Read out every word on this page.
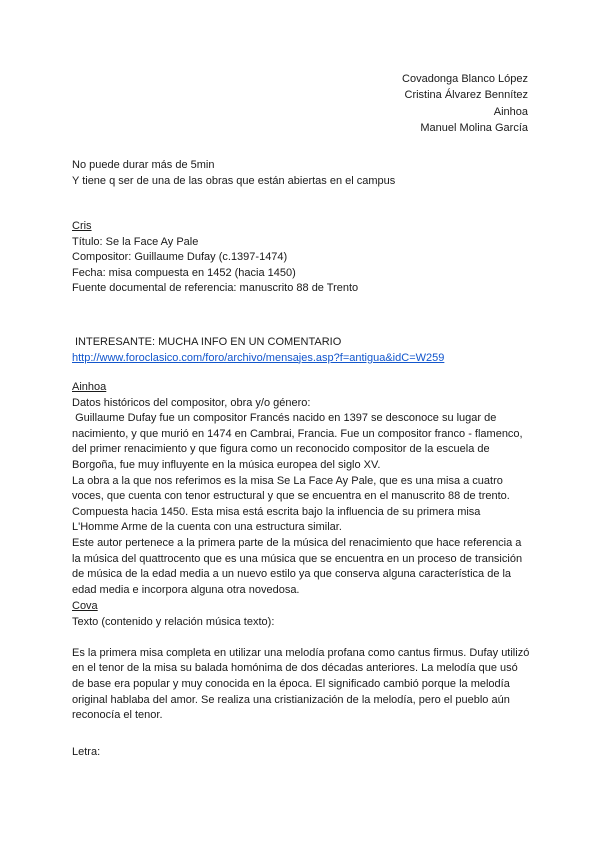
Covadonga Blanco López
Cristina Álvarez Bennítez
Ainhoa
Manuel Molina García
No puede durar más de 5min
Y tiene q ser de una de las obras que están abiertas en el campus
Cris
Título: Se la Face Ay Pale
Compositor: Guillaume Dufay (c.1397-1474)
Fecha: misa compuesta en 1452 (hacia 1450)
Fuente documental de referencia: manuscrito 88 de Trento
INTERESANTE: MUCHA INFO EN UN COMENTARIO
http://www.foroclasico.com/foro/archivo/mensajes.asp?f=antigua&idC=W259
Ainhoa
Datos históricos del compositor, obra y/o género:
Guillaume Dufay fue un compositor Francés nacido en 1397 se desconoce su lugar de nacimiento, y que murió en 1474 en Cambrai, Francia. Fue un compositor franco - flamenco, del primer renacimiento y que figura como un reconocido compositor de la escuela de Borgoña, fue muy influyente en la música europea del siglo XV.
La obra a la que nos referimos es la misa Se La Face Ay Pale, que es una misa a cuatro voces, que cuenta con tenor estructural y que se encuentra en el manuscrito 88 de trento. Compuesta hacia 1450. Esta misa está escrita bajo la influencia de su primera misa L'Homme Arme de la cuenta con una estructura similar.
Este autor pertenece a la primera parte de la música del renacimiento que hace referencia a la música del quattrocento que es una música que se encuentra en un proceso de transición de música de la edad media a un nuevo estilo ya que conserva alguna característica de la edad media e incorpora alguna otra novedosa.
Cova
Texto (contenido y relación música texto):
Es la primera misa completa en utilizar una melodía profana como cantus firmus. Dufay utilizó en el tenor de la misa su balada homónima de dos décadas anteriores. La melodía que usó de base era popular y muy conocida en la época. El significado cambió porque la melodía original hablaba del amor. Se realiza una cristianización de la melodía, pero el pueblo aún reconocía el tenor.
Letra:
